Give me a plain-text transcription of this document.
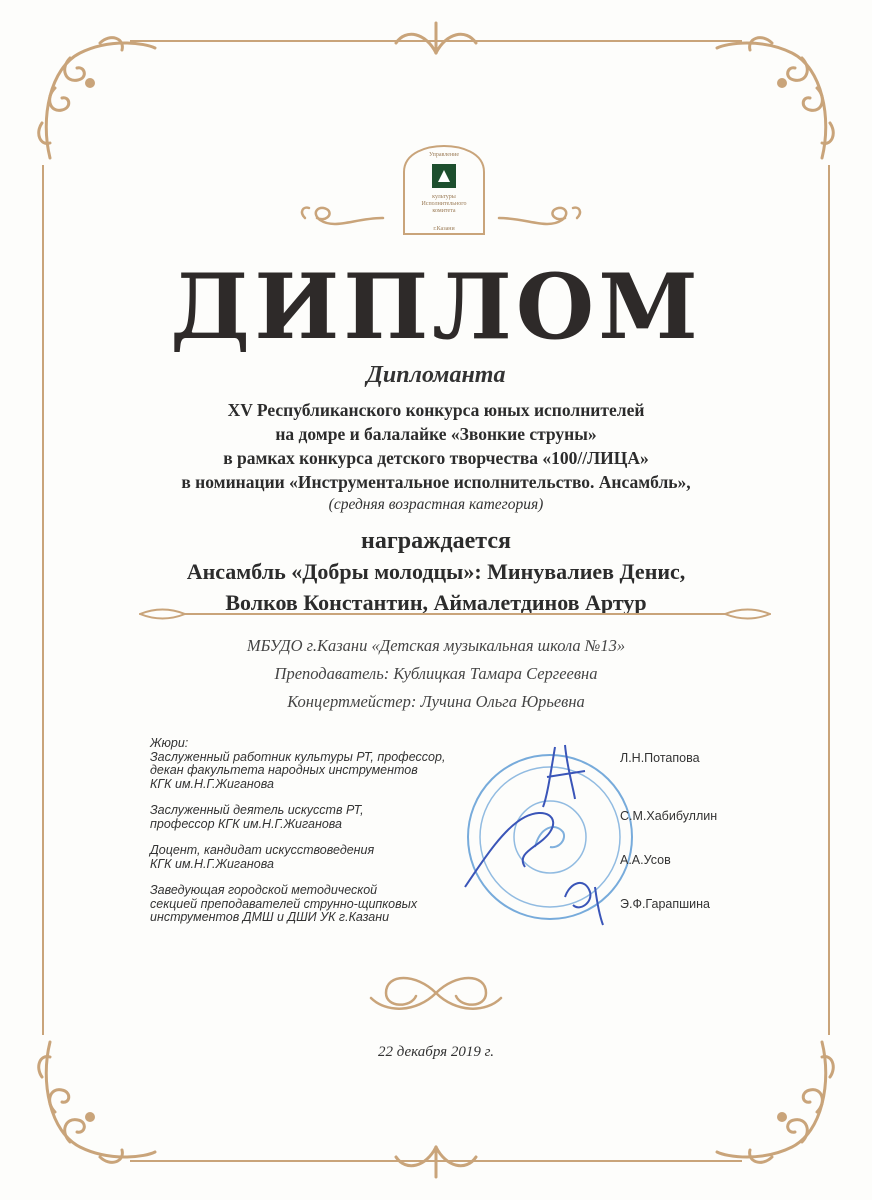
Управление
культуры
Исполнительного
комитета
г.Казани
ДИПЛОМ
Дипломанта
XV Республиканского конкурса юных исполнителей
на домре и балалайке «Звонкие струны»
в рамках конкурса детского творчества «100//ЛИЦА»
в номинации «Инструментальное исполнительство. Ансамбль»,
(средняя возрастная категория)
награждается
Ансамбль «Добры молодцы»: Минувалиев Денис,
Волков Константин, Аймалетдинов Артур
МБУДО г.Казани «Детская музыкальная школа №13»
Преподаватель: Кублицкая Тамара Сергеевна
Концертмейстер: Лучина Ольга Юрьевна

Жюри:

Заслуженный работник культуры РТ, профессор,

декан факультета народных инструментов

КГК им.Н.Г.Жиганова

Заслуженный деятель искусств РТ,

профессор КГК им.Н.Г.Жиганова

Доцент, кандидат искусствоведения

КГК им.Н.Г.Жиганова

Заведующая городской методической

секцией преподавателей струнно-щипковых

инструментов ДМШ и ДШИ УК г.Казани

Л.Н.Потапова
С.М.Хабибуллин
А.А.Усов
Э.Ф.Гарапшина
22 декабря 2019 г.
